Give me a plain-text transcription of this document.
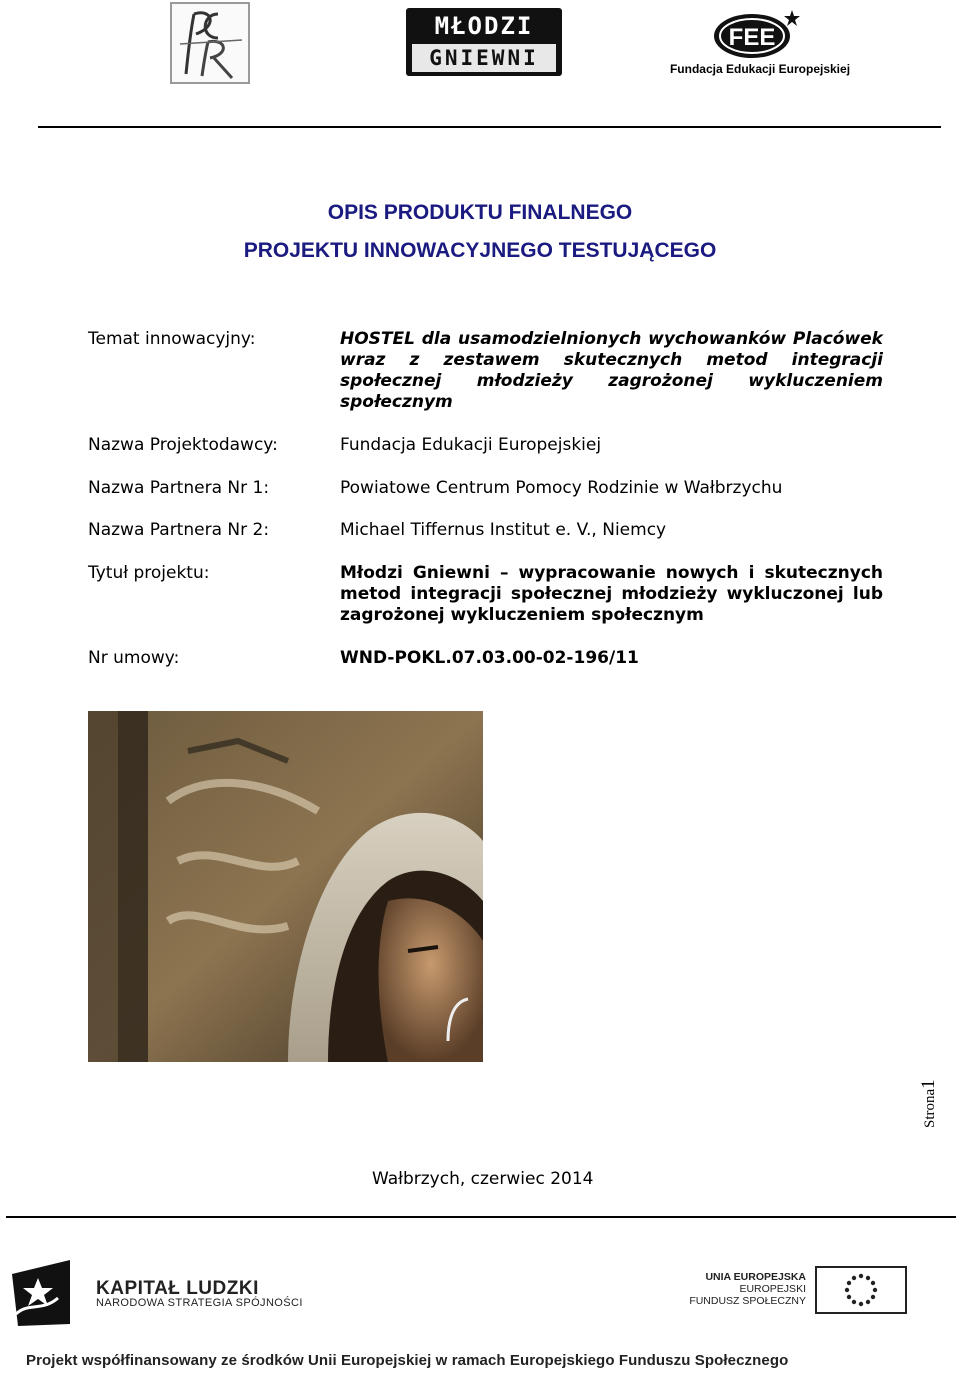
MŁODZI
GNIEWNI
FEE
Fundacja Edukacji Europejskiej
OPIS PRODUKTU FINALNEGO
PROJEKTU INNOWACYJNEGO TESTUJĄCEGO
Temat innowacyjny:	HOSTEL dla usamodzielnionych wychowanków Placówek wraz z zestawem skutecznych metod integracji społecznej młodzieży zagrożonej wykluczeniem społecznym
Nazwa Projektodawcy:	Fundacja Edukacji Europejskiej
Nazwa Partnera Nr 1:	Powiatowe Centrum Pomocy Rodzinie w Wałbrzychu
Nazwa Partnera Nr 2:	Michael Tiffernus Institut e. V., Niemcy
Tytuł projektu:	Młodzi Gniewni – wypracowanie nowych i skutecznych metod integracji społecznej młodzieży wykluczonej lub zagrożonej wykluczeniem społecznym
Nr umowy:	WND-POKL.07.03.00-02-196/11
Wałbrzych, czerwiec 2014
Strona1
KAPITAŁ LUDZKI
NARODOWA STRATEGIA SPÓJNOŚCI
UNIA EUROPEJSKA
EUROPEJSKI
FUNDUSZ SPOŁECZNY
Projekt współfinansowany ze środków Unii Europejskiej w ramach Europejskiego Funduszu Społecznego
